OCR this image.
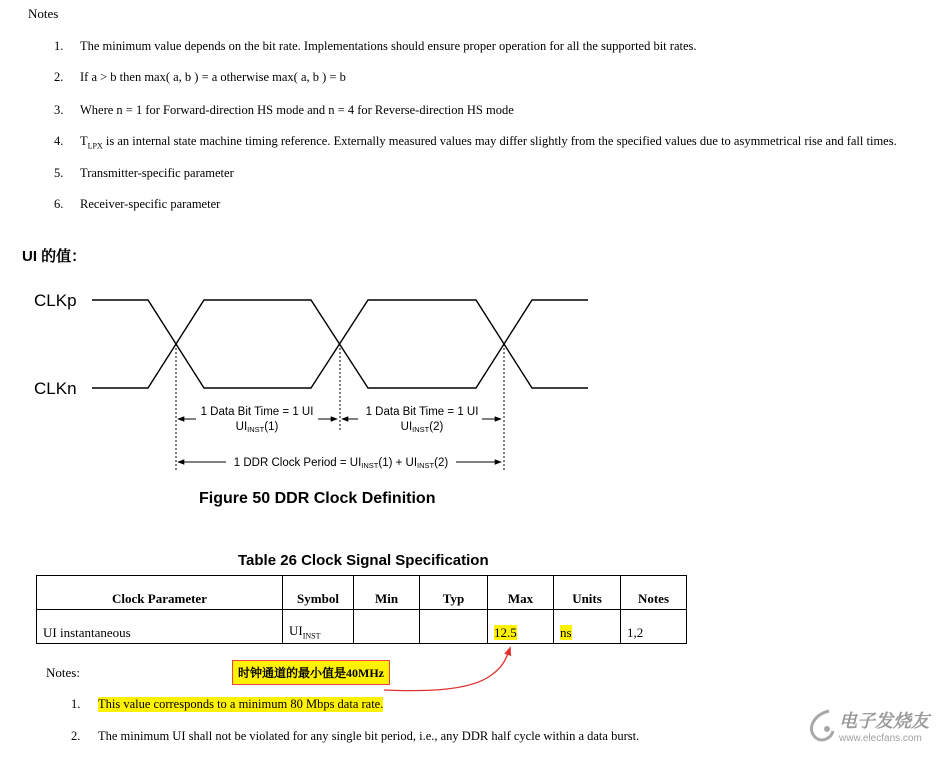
Notes
1. The minimum value depends on the bit rate. Implementations should ensure proper operation for all the supported bit rates.
2. If a > b then max( a, b ) = a otherwise max( a, b ) = b
3. Where n = 1 for Forward-direction HS mode and n = 4 for Reverse-direction HS mode
4. $T_{LPX}$ is an internal state machine timing reference. Externally measured values may differ slightly from the specified values due to asymmetrical rise and fall times.
5. Transmitter-specific parameter
6. Receiver-specific parameter
UI 的值：
CLKp
CLKn
1 Data Bit Time = 1 UI	1 Data Bit Time = 1 UI
UIINST(1)	UIINST(2)
1 DDR Clock Period = UIINST(1) + UIINST(2)
Figure 50 DDR Clock Definition
Table 26 Clock Signal Specification
Clock Parameter	Symbol	Min	Typ	Max	Units	Notes
UI instantaneous	$UI_{INST}$			12.5	ns	1,2
Notes:
1. This value corresponds to a minimum 80 Mbps data rate.
2. The minimum UI shall not be violated for any single bit period, i.e., any DDR half cycle within a data burst.
时钟通道的最小值是40MHz
电子发烧友
www.elecfans.com
